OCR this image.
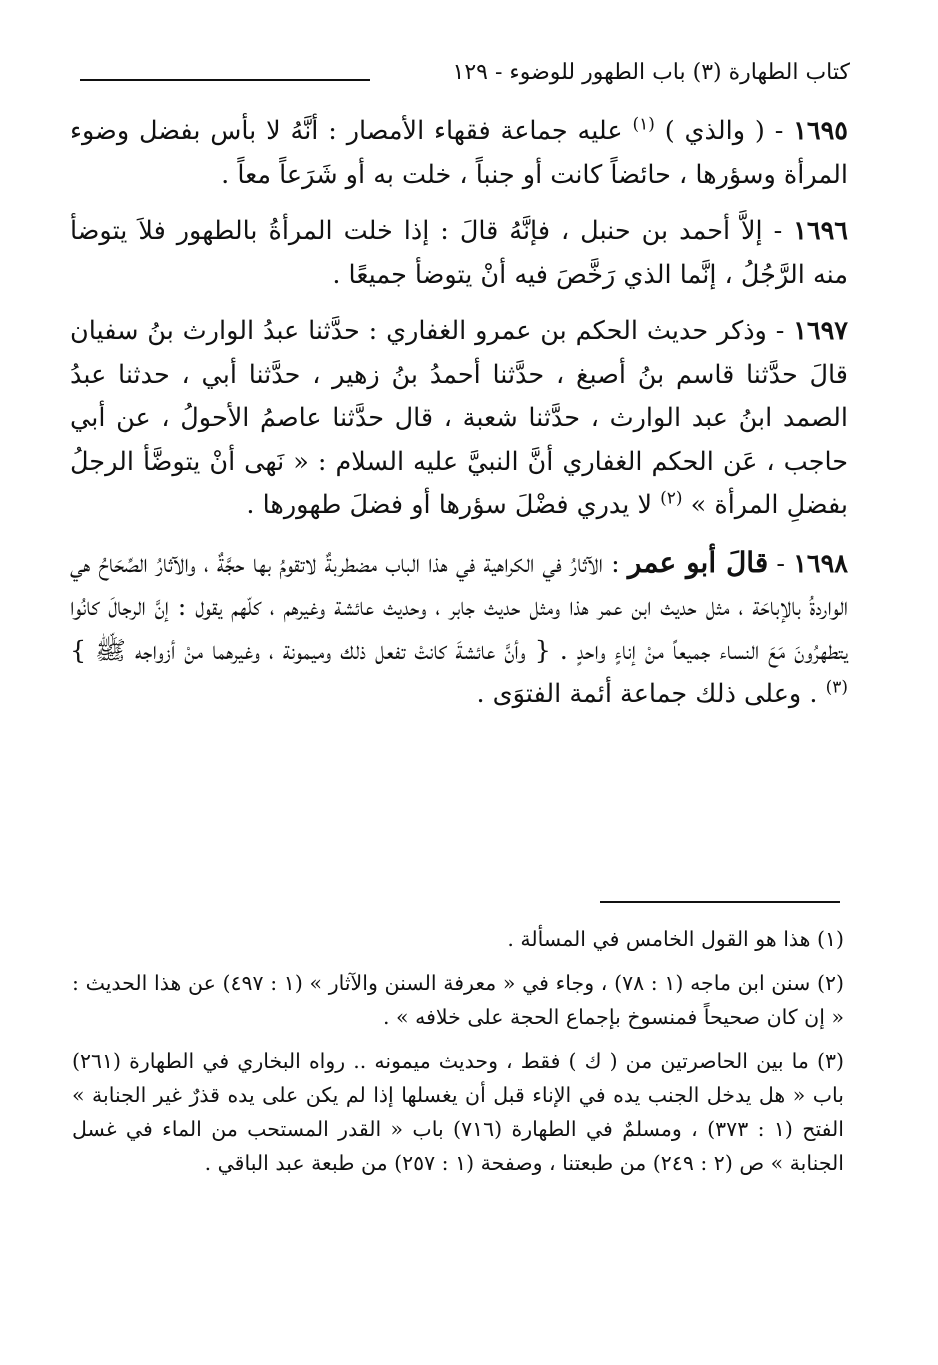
كتاب الطهارة (٣) باب الطهور للوضوء - ١٢٩

١٦٩٥ - ( والذي ) $^{(١)}$ عليه جماعة فقهاء الأمصار : أنَّهُ لا بأس بفضل وضوء المرأة وسؤرها ، حائضاً كانت أو جنباً ، خلت به أو شَرَعاً معاً .

١٦٩٦ - إلاَّ أحمد بن حنبل ، فإنَّهُ قالَ : إذا خلت المرأةُ بالطهور فلاَ يتوضأ منه الرَّجُلُ ، إنَّما الذي رَخَّصَ فيه أنْ يتوضأ جميعًا .

١٦٩٧ - وذكر حديث الحكم بن عمرو الغفاري : حدَّثنا عبدُ الوارث بنُ سفيان قالَ حدَّثنا قاسم بنُ أصبغ ، حدَّثنا أحمدُ بنُ زهير ، حدَّثنا أبي ، حدثنا عبدُ الصمد ابنُ عبد الوارث ، حدَّثنا شعبة ، قال حدَّثنا عاصمُ الأحولُ ، عن أبي حاجب ، عَن الحكم الغفاري أنَّ النبيَّ عليه السلام : « نَهى أنْ يتوضَّأ الرجلُ بفضلِ المرأة » $^{(٢)}$ لا يدري فضْلَ سؤرها أو فضلَ طهورها .

١٦٩٨ - قالَ أبو عمر : الآثارُ في الكراهية في هذا الباب مضطربةٌ لاتقومُ بها حجَّةٌ ، والآثارُ الصِّحَاحُ هي الواردةُ بالإباحَة ، مثل حديث ابن عمر هذا ومثل حديث جابر ، وحديث عائشة وغيرهم ، كلّهم يقول : إنَّ الرجالَ كانُوا يتطهرُونَ مَعَ النساء جميعاً منْ إناءٍ واحدٍ . { وأنَّ عائشةَ كانتْ تفعل ذلك وميمونة ، وغيرهما منْ أزواجه ﷺ } $^{(٣)}$ . وعلى ذلك جماعة أئمة الفتوَى .

(١) هذا هو القول الخامس في المسألة .

(٢) سنن ابن ماجه (١ : ٧٨) ، وجاء في « معرفة السنن والآثار » (١ : ٤٩٧) عن هذا الحديث : « إن كان صحيحاً فمنسوخ بإجماع الحجة على خلافه » .

(٣) ما بين الحاصرتين من ( ك ) فقط ، وحديث ميمونه .. رواه البخاري في الطهارة (٢٦١) باب « هل يدخل الجنب يده في الإناء قبل أن يغسلها إذا لم يكن على يده قذرٌ غير الجنابة » الفتح (١ : ٣٧٣) ، ومسلمٌ في الطهارة (٧١٦) باب « القدر المستحب من الماء في غسل الجنابة » ص (٢ : ٢٤٩) من طبعتنا ، وصفحة (١ : ٢٥٧) من طبعة عبد الباقي .
